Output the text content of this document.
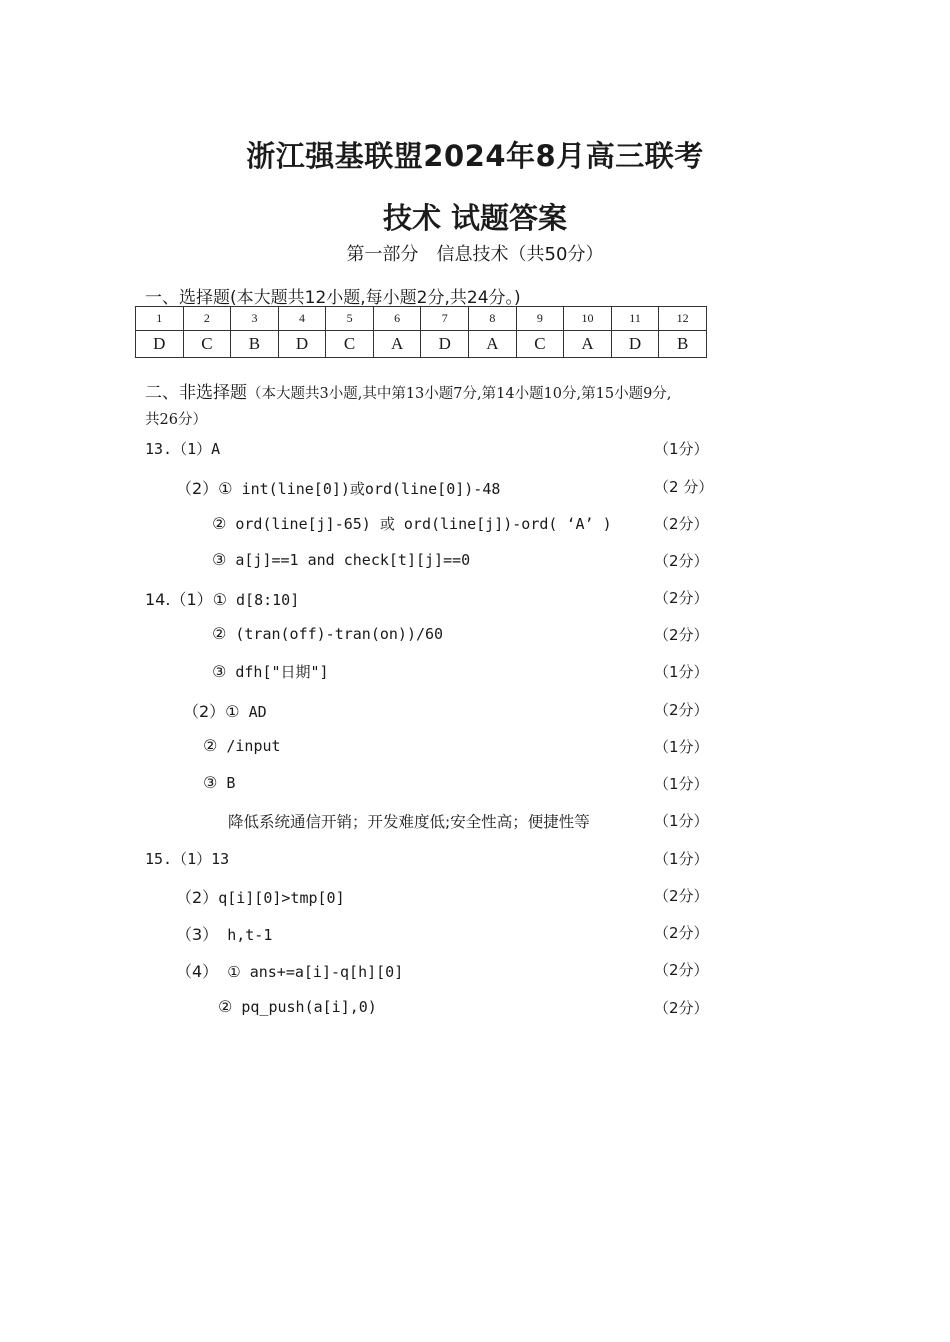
浙江强基联盟2024年8月高三联考
技术 试题答案
第一部分　信息技术（共50分）
一、选择题(本大题共12小题,每小题2分,共24分。)
1	2	3	4	5	6	7	8	9	10	11	12
D	C	B	D	C	A	D	A	C	A	D	B
二、非选择题（本大题共3小题,其中第13小题7分,第14小题10分,第15小题9分,
共26分）
13.（1）A	（1分）
（2）① int(line[0])或ord(line[0])-48	（2 分）
② ord(line[j]-65) 或 ord(line[j])-ord( ‘A’ )	（2分）
③ a[j]==1 and check[t][j]==0	（2分）
14.（1）① d[8:10]	（2分）
② (tran(off)-tran(on))/60	（2分）
③ dfh["日期"]	（1分）
（2）① AD	（2分）
② /input	（1分）
③ B	（1分）
降低系统通信开销；开发难度低;安全性高；便捷性等	（1分）
15.（1）13	（1分）
（2）q[i][0]>tmp[0]	（2分）
（3） h,t-1	（2分）
（4） ① ans+=a[i]-q[h][0]	（2分）
② pq_push(a[i],0)	（2分）
